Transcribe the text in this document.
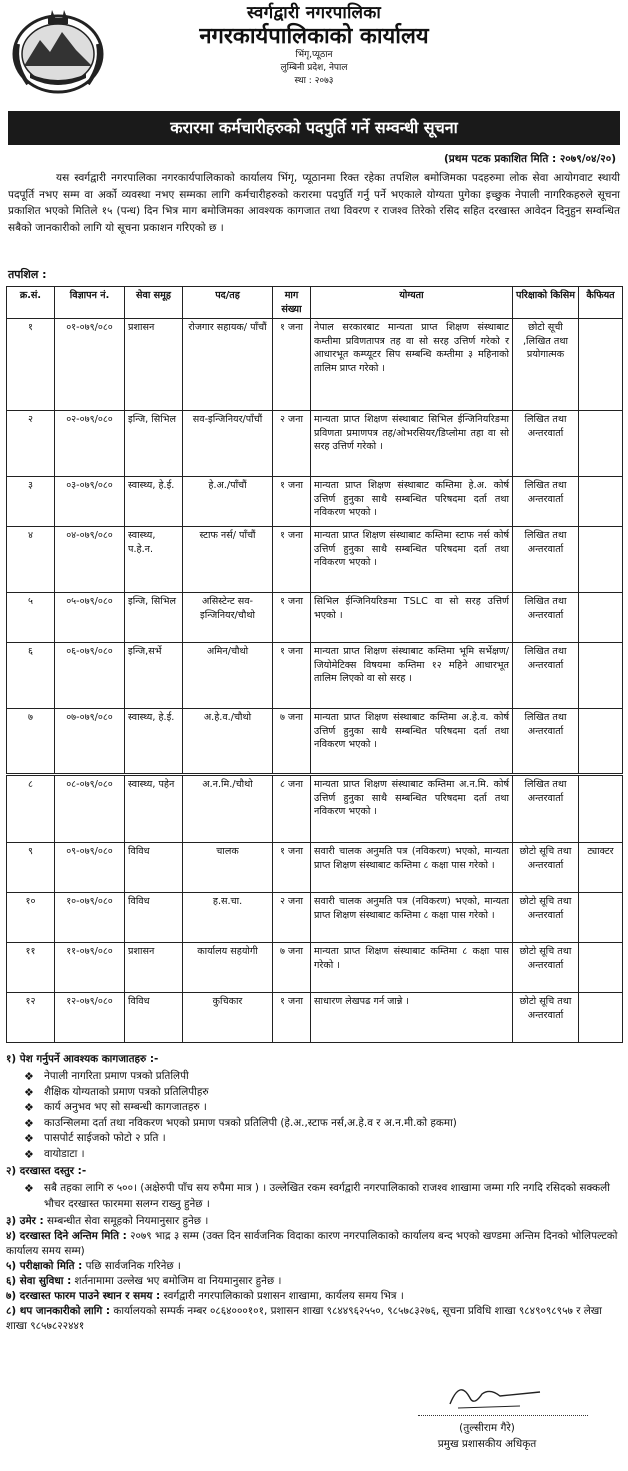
स्वर्गद्वारी नगरपालिका
नगरकार्यपालिकाको कार्यालय
भिंगृ,प्यूठान
लुम्बिनी प्रदेश, नेपाल
स्था : २०७३
करारमा कर्मचारीहरुको पदपुर्ति गर्ने सम्वन्धी सूचना
(प्रथम पटक प्रकाशित मिति : २०७९/०४/२०)
यस स्वर्गद्वारी नगरपालिका नगरकार्यपालिकाको कार्यालय भिंगृ, प्यूठानमा रिक्त रहेका तपशिल बमोजिमका पदहरुमा लोक सेवा आयोगवाट स्थायी पदपूर्ति नभए सम्म वा अर्को व्यवस्था नभए सम्मका लागि कर्मचारीहरुको करारमा पदपुर्ति गर्नु पर्ने भएकाले योग्यता पुगेका इच्छुक नेपाली नागरिकहरुले सूचना प्रकाशित भएको मितिले १५ (पन्ध) दिन भित्र माग बमोजिमका आवश्यक कागजात तथा विवरण र राजश्व तिरेको रसिद सहित दरखास्त आवेदन दिनुहुन सम्वन्धित सबैको जानकारीको लागि यो सूचना प्रकाशन गरिएको छ ।
तपशिल :
क्र.सं.	विज्ञापन नं.	सेवा समूह	पद/तह	माग संख्या	योग्यता	परिक्षाको किसिम	कैफियत
१	०१-०७९/०८०	प्रशासन	रोजगार सहायक/ पाँचौं	१ जना	नेपाल सरकारबाट मान्यता प्राप्त शिक्षण संस्थाबाट कम्तीमा प्रविणतापत्र तह वा सो सरह उत्तिर्ण गरेको र आधारभूत कम्प्यूटर सिप सम्बन्धि कम्तीमा ३ महिनाको तालिम प्राप्त गरेको ।	छोटो सूची ,लिखित तथा प्रयोगात्मक	
२	०२-०७९/०८०	इन्जि, सिभिल	सव-इन्जिनियर/पाँचौं	२ जना	मान्यता प्राप्त शिक्षण संस्थाबाट सिभिल ईन्जिनियरिङमा प्रविणता प्रमाणपत्र तह/ओभरसियर/डिप्लोमा तहा वा सो सरह उत्तिर्ण गरेको ।	लिखित तथा अन्तरवार्ता	
३	०३-०७९/०८०	स्वास्थ्य, हे.ई.	हे.अ./पाँचौं	१ जना	मान्यता प्राप्त शिक्षण संस्थाबाट कम्तिमा हे.अ. कोर्ष उत्तिर्ण हुनुका साथै सम्बन्धित परिषदमा दर्ता तथा नविकरण भएको ।	लिखित तथा अन्तरवार्ता	
४	०४-०७९/०८०	स्वास्थ्य, प.हे.न.	स्टाफ नर्स/ पाँचौं	१ जना	मान्यता प्राप्त शिक्षण संस्थाबाट कम्तिमा स्टाफ नर्स कोर्ष उत्तिर्ण हुनुका साथै सम्बन्धित परिषदमा दर्ता तथा नविकरण भएको ।	लिखित तथा अन्तरवार्ता	
५	०५-०७९/०८०	इन्जि, सिभिल	असिस्टेन्ट सव-इन्जिनियर/चौथो	१ जना	सिभिल ईन्जिनियरिङमा TSLC वा सो सरह उत्तिर्ण भएको ।	लिखित तथा अन्तरवार्ता	
६	०६-०७९/०८०	इन्जि,सर्भे	अमिन/चौथो	१ जना	मान्यता प्राप्त शिक्षण संस्थाबाट कम्तिमा भूमि सर्भेक्षण/ जियोमेटिक्स विषयमा कम्तिमा १२ महिने आधारभूत तालिम लिएको वा सो सरह ।	लिखित तथा अन्तरवार्ता	
७	०७-०७९/०८०	स्वास्थ्य, हे.ई.	अ.हे.व./चौथो	७ जना	मान्यता प्राप्त शिक्षण संस्थाबाट कम्तिमा अ.हे.व. कोर्ष उत्तिर्ण हुनुका साथै सम्बन्धित परिषदमा दर्ता तथा नविकरण भएको ।	लिखित तथा अन्तरवार्ता	
८	०८-०७९/०८०	स्वास्थ्य, पहेन	अ.न.मि./चौथो	८ जना	मान्यता प्राप्त शिक्षण संस्थाबाट कम्तिमा अ.न.मि. कोर्ष उत्तिर्ण हुनुका साथै सम्बन्धित परिषदमा दर्ता तथा नविकरण भएको ।	लिखित तथा अन्तरवार्ता	
९	०९-०७९/०८०	विविध	चालक	१ जना	सवारी चालक अनुमति पत्र (नविकरण) भएको, मान्यता प्राप्त शिक्षण संस्थाबाट कम्तिमा ८ कक्षा पास गरेको ।	छोटो सूचि तथा अन्तरवार्ता	ट्याक्टर
१०	१०-०७९/०८०	विविध	ह.स.चा.	२ जना	सवारी चालक अनुमति पत्र (नविकरण) भएको, मान्यता प्राप्त शिक्षण संस्थाबाट कम्तिमा ८ कक्षा पास गरेको ।	छोटो सूचि तथा अन्तरवार्ता	
११	११-०७९/०८०	प्रशासन	कार्यालय सहयोगी	७ जना	मान्यता प्राप्त शिक्षण संस्थाबाट कम्तिमा ८ कक्षा पास गरेको ।	छोटो सूचि तथा अन्तरवार्ता	
१२	१२-०७९/०८०	विविध	कुचिकार	१ जना	साधारण लेखपढ गर्न जान्ने ।	छोटो सूचि तथा अन्तरवार्ता	
१) पेश गर्नुपर्ने आवश्यक कागजातहरु :-
❖ नेपाली नागरिता प्रमाण पत्रको प्रतिलिपी
❖ शैक्षिक योग्यताको प्रमाण पत्रको प्रतिलिपीहरु
❖ कार्य अनुभव भए सो सम्बन्धी कागजातहरु ।
❖ काउन्सिलमा दर्ता तथा नविकरण भएको प्रमाण पत्रको प्रतिलिपी (हे.अ.,स्टाफ नर्स,अ.हे.व र अ.न.मी.को हकमा)
❖ पासपोर्ट साईजको फोटो २ प्रति ।
❖ वायोडाटा ।
२) दरखास्त दस्तुर :-
❖ सबै तहका लागि रु ५००। (अक्षेरुपी पाँच सय रुपैमा मात्र ) । उल्लेखित रकम स्वर्गद्वारी नगरपालिकाको राजश्व शाखामा जम्मा गरि नगदि रसिदको सक्कली भौचर दरखास्त फारममा सलग्न राख्नु हुनेछ ।

३) उमेर : सम्बन्धीत सेवा समूहको नियमानुसार हुनेछ ।

४) दरखास्त दिने अन्तिम मिति : २०७९ भाद्र ३ सम्म (उक्त दिन सार्वजनिक विदाका कारण नगरपालिकाको कार्यालय बन्द भएको खण्डमा अन्तिम दिनको भोलिपल्टको कार्यालय समय सम्म)

५) परीक्षाको मिति : पछि सार्वजनिक गरिनेछ ।

६) सेवा सुविधा : शर्तनामामा उल्लेख भए बमोजिम वा नियमानुसार हुनेछ ।

७) दरखास्त फारम पाउने स्थान र समय : स्वर्गद्वारी नगरपालिकाको प्रशासन शाखामा, कार्यलय समय भित्र ।

८) थप जानकारीको लागि : कार्यालयको सम्पर्क नम्बर ०८६४०००१०१, प्रशासन शाखा ९८४४९६२५५०, ९८५७८३२७६, सूचना प्रविधि शाखा ९८४९०९८९५७ र लेखा शाखा ९८५७८२२४४१

(तुल्सीराम गैरे)
प्रमुख प्रशासकीय अधिकृत
